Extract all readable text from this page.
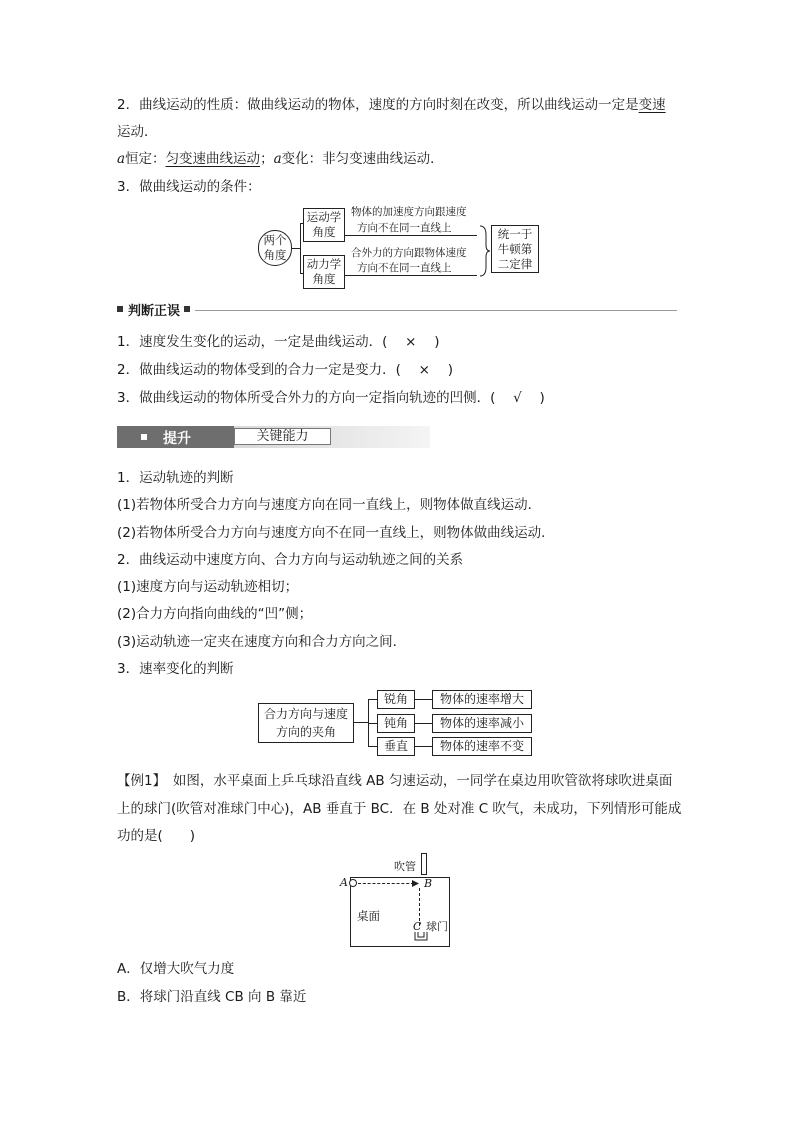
2．曲线运动的性质：做曲线运动的物体，速度的方向时刻在改变，所以曲线运动一定是变速
运动．
a恒定：匀变速曲线运动；a变化：非匀变速曲线运动．
3．做曲线运动的条件：
两个角度
运动学角度
动力学角度
物体的加速度方向跟速度
方向不在同一直线上
合外力的方向跟物体速度
方向不在同一直线上
统一于牛顿第二定律
判断正误
1．速度发生变化的运动，一定是曲线运动．(　 × 　)
2．做曲线运动的物体受到的合力一定是变力．(　 × 　)
3．做曲线运动的物体所受合外力的方向一定指向轨迹的凹侧．(　 √ 　)
提升	关键能力
1．运动轨迹的判断
(1)若物体所受合力方向与速度方向在同一直线上，则物体做直线运动．
(2)若物体所受合力方向与速度方向不在同一直线上，则物体做曲线运动．
2．曲线运动中速度方向、合力方向与运动轨迹之间的关系
(1)速度方向与运动轨迹相切；
(2)合力方向指向曲线的“凹”侧；
(3)运动轨迹一定夹在速度方向和合力方向之间．
3．速率变化的判断
合力方向与速度方向的夹角
锐角	物体的速率增大
钝角	物体的速率减小
垂直	物体的速率不变
【例1】　如图，水平桌面上乒乓球沿直线 AB 匀速运动，一同学在桌边用吹管欲将球吹进桌面
上的球门(吹管对准球门中心)，AB 垂直于 BC．在 B 处对准 C 吹气，未成功，下列情形可能成
功的是(　　)
吹管
A	B
桌面
C 球门
A．仅增大吹气力度
B．将球门沿直线 CB 向 B 靠近
